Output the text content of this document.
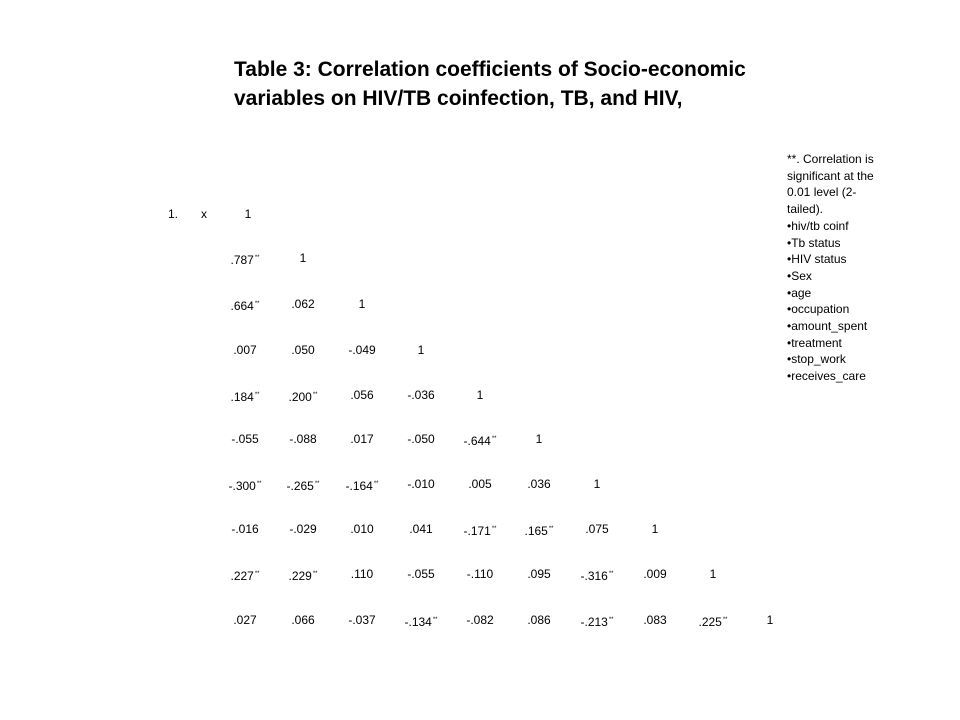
Table 3: Correlation coefficients of Socio-economic
variables on HIV/TB coinfection, TB, and HIV,
**. Correlation is significant at the 0.01 level (2-tailed).
• hiv/tb coinf
• Tb status
• HIV status
• Sex
• age
• occupation
• amount_spent
• treatment
• stop_work
• receives_care
1. x	1
.787**	1
.664**	.062	1
.007	.050	-.049	1
.184** .200**	.056	-.036	1
-.055	-.088	.017	-.050 -.644**	1
-.300** -.265** -.164** -.010	.005	.036	1
-.016	-.029	.010	.041	-.171** .165**	.075	1
.227** .229**	.110	-.055	-.110	.095 -.316** .009	1
.027	.066	-.037 -.134** -.082	.086 -.213** .083	.225**	1
